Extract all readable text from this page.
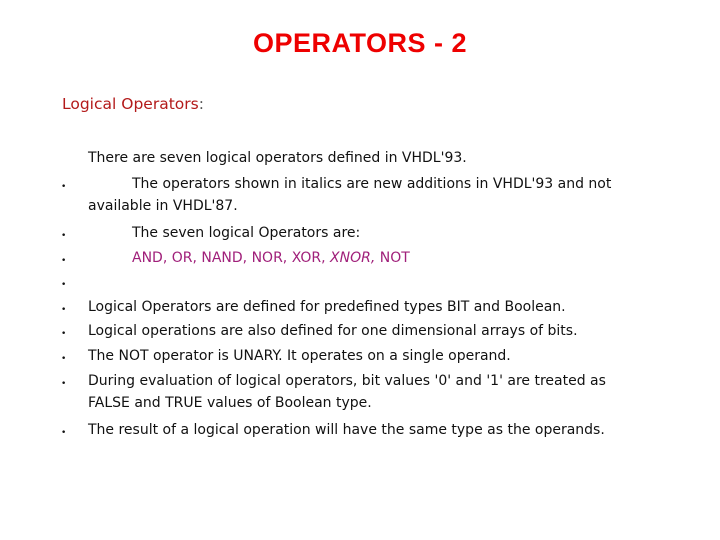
OPERATORS - 2
Logical Operators:
•
•
•
•
•
•
•
•
•
There are seven logical operators defined in VHDL'93.
The operators shown in italics are new additions in VHDL'93 and not
available in VHDL'87.
The seven logical Operators are:
AND, OR, NAND, NOR, XOR, XNOR, NOT
Logical Operators are defined for predefined types BIT and Boolean.
Logical operations are also defined for one dimensional arrays of bits.
The NOT operator is UNARY. It operates on a single operand.
During evaluation of logical operators, bit values '0' and '1' are treated as
FALSE and TRUE values of Boolean type.
The result of a logical operation will have the same type as the operands.
